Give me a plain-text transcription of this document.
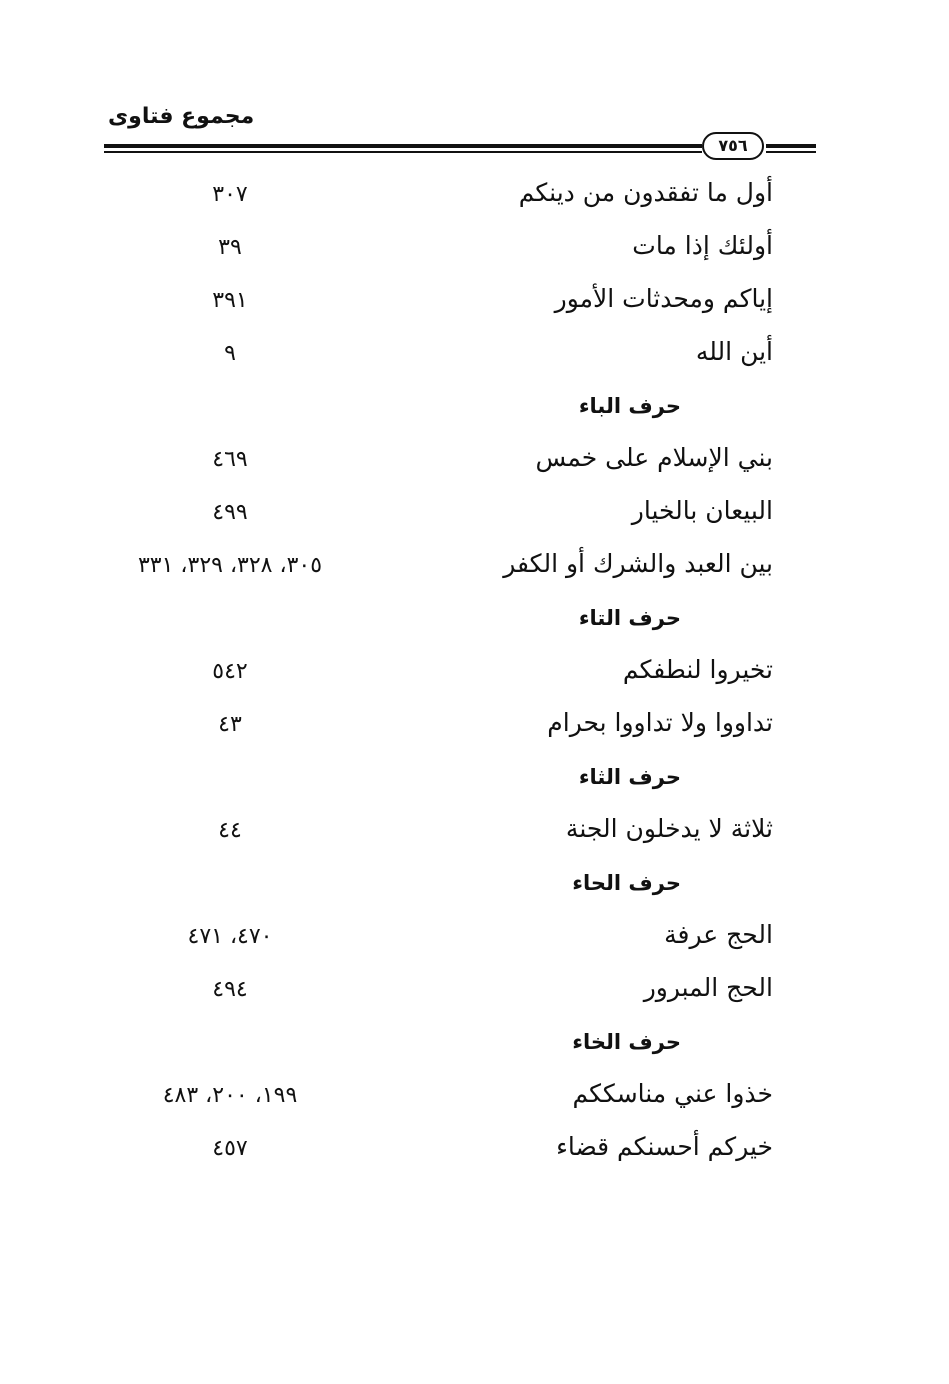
مجموع فتاوى
٧٥٦
أول ما تفقدون من دينكم
٣٠٧
أولئك إذا مات
٣٩
إياكم ومحدثات الأمور
٣٩١
أين الله
٩
حرف الباء
بني الإسلام على خمس
٤٦٩
البيعان بالخيار
٤٩٩
بين العبد والشرك أو الكفر
٣٠٥، ٣٢٨، ٣٢٩، ٣٣١
حرف التاء
تخيروا لنطفكم
٥٤٢
تداووا ولا تداووا بحرام
٤٣
حرف الثاء
ثلاثة لا يدخلون الجنة
٤٤
حرف الحاء
الحج عرفة
٤٧٠، ٤٧١
الحج المبرور
٤٩٤
حرف الخاء
خذوا عني مناسككم
١٩٩، ٢٠٠، ٤٨٣
خيركم أحسنكم قضاء
٤٥٧
